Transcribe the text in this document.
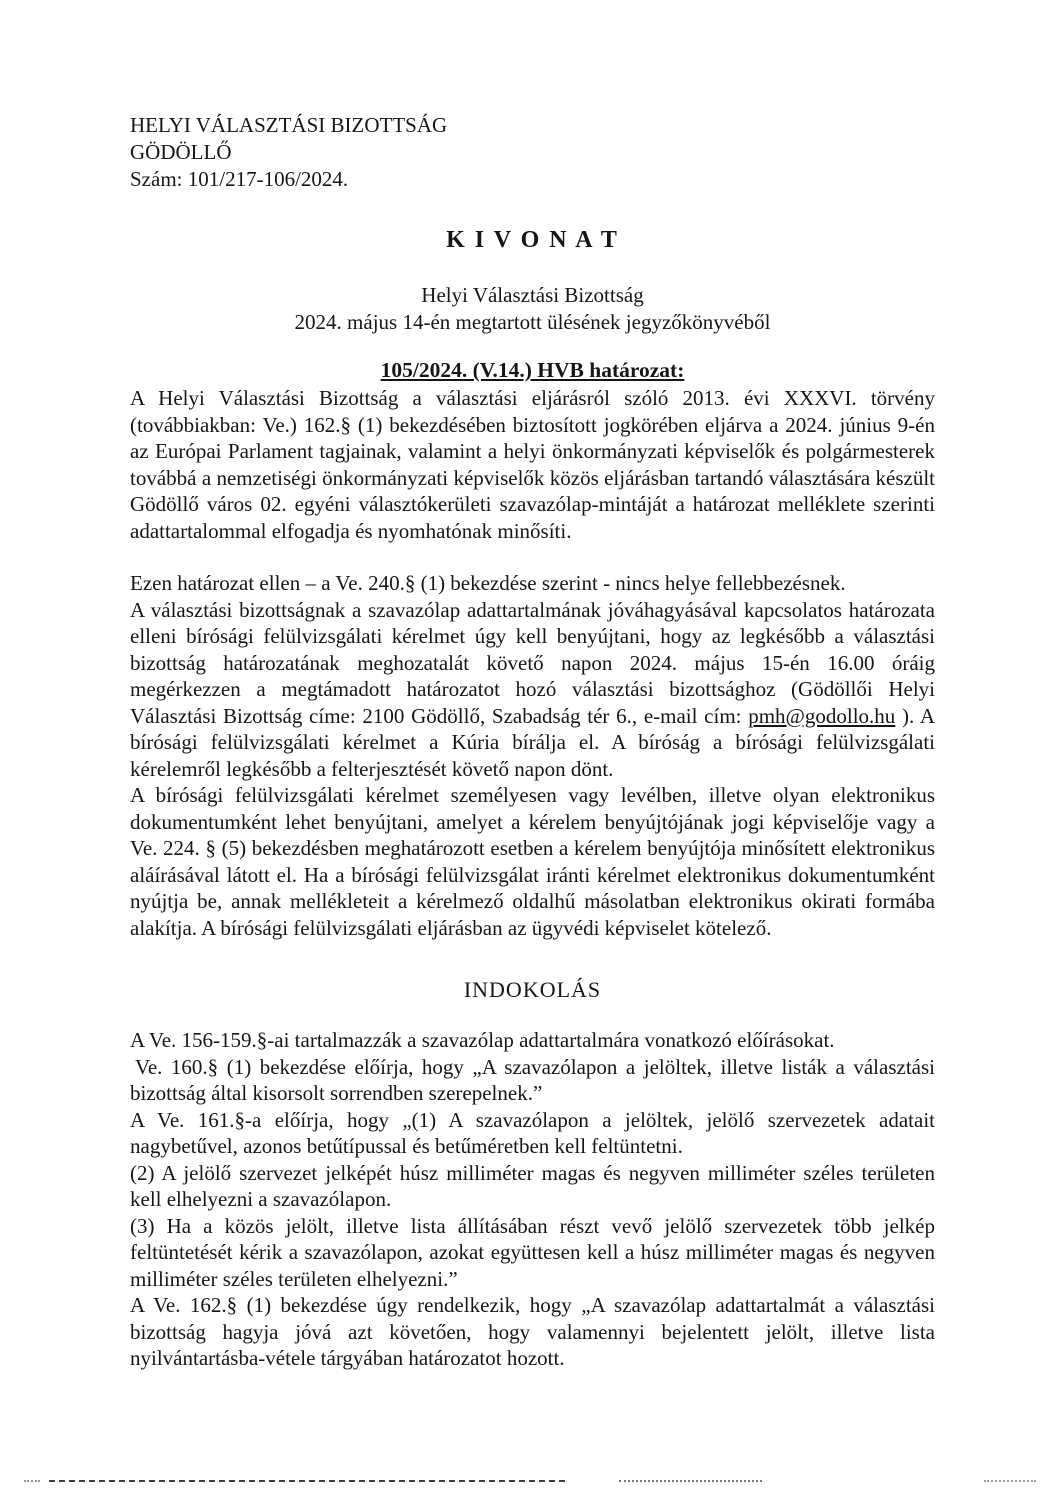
HELYI VÁLASZTÁSI BIZOTTSÁG
GÖDÖLLŐ
Szám: 101/217-106/2024.
K I V O N A T
Helyi Választási Bizottság
2024. május 14-én megtartott ülésének jegyzőkönyvéből
105/2024. (V.14.) HVB határozat:

A Helyi Választási Bizottság a választási eljárásról szóló 2013. évi XXXVI. törvény (továbbiakban: Ve.) 162.§ (1) bekezdésében biztosított jogkörében eljárva a 2024. június 9-én az Európai Parlament tagjainak, valamint a helyi önkormányzati képviselők és polgármesterek továbbá a nemzetiségi önkormányzati képviselők közös eljárásban tartandó választására készült Gödöllő város 02. egyéni választókerületi szavazólap-mintáját a határozat melléklete szerinti adattartalommal elfogadja és nyomhatónak minősíti.

Ezen határozat ellen – a Ve. 240.§ (1) bekezdése szerint - nincs helye fellebbezésnek.

A választási bizottságnak a szavazólap adattartalmának jóváhagyásával kapcsolatos határozata elleni bírósági felülvizsgálati kérelmet úgy kell benyújtani, hogy az legkésőbb a választási bizottság határozatának meghozatalát követő napon 2024. május 15-én 16.00 óráig megérkezzen a megtámadott határozatot hozó választási bizottsághoz (Gödöllői Helyi Választási Bizottság címe: 2100 Gödöllő, Szabadság tér 6., e-mail cím: pmh@godollo.hu ). A bírósági felülvizsgálati kérelmet a Kúria bírálja el. A bíróság a bírósági felülvizsgálati kérelemről legkésőbb a felterjesztését követő napon dönt.

A bírósági felülvizsgálati kérelmet személyesen vagy levélben, illetve olyan elektronikus dokumentumként lehet benyújtani, amelyet a kérelem benyújtójának jogi képviselője vagy a Ve. 224. § (5) bekezdésben meghatározott esetben a kérelem benyújtója minősített elektronikus aláírásával látott el. Ha a bírósági felülvizsgálat iránti kérelmet elektronikus dokumentumként nyújtja be, annak mellékleteit a kérelmező oldalhű másolatban elektronikus okirati formába alakítja. A bírósági felülvizsgálati eljárásban az ügyvédi képviselet kötelező.

INDOKOLÁS

A Ve. 156-159.§-ai tartalmazzák a szavazólap adattartalmára vonatkozó előírásokat.

Ve. 160.§ (1) bekezdése előírja, hogy „A szavazólapon a jelöltek, illetve listák a választási bizottság által kisorsolt sorrendben szerepelnek.”

A Ve. 161.§-a előírja, hogy „(1) A szavazólapon a jelöltek, jelölő szervezetek adatait nagybetűvel, azonos betűtípussal és betűméretben kell feltüntetni.

(2) A jelölő szervezet jelképét húsz milliméter magas és negyven milliméter széles területen kell elhelyezni a szavazólapon.

(3) Ha a közös jelölt, illetve lista állításában részt vevő jelölő szervezetek több jelkép feltüntetését kérik a szavazólapon, azokat együttesen kell a húsz milliméter magas és negyven milliméter széles területen elhelyezni.”

A Ve. 162.§ (1) bekezdése úgy rendelkezik, hogy „A szavazólap adattartalmát a választási bizottság hagyja jóvá azt követően, hogy valamennyi bejelentett jelölt, illetve lista nyilvántartásba-vétele tárgyában határozatot hozott.
